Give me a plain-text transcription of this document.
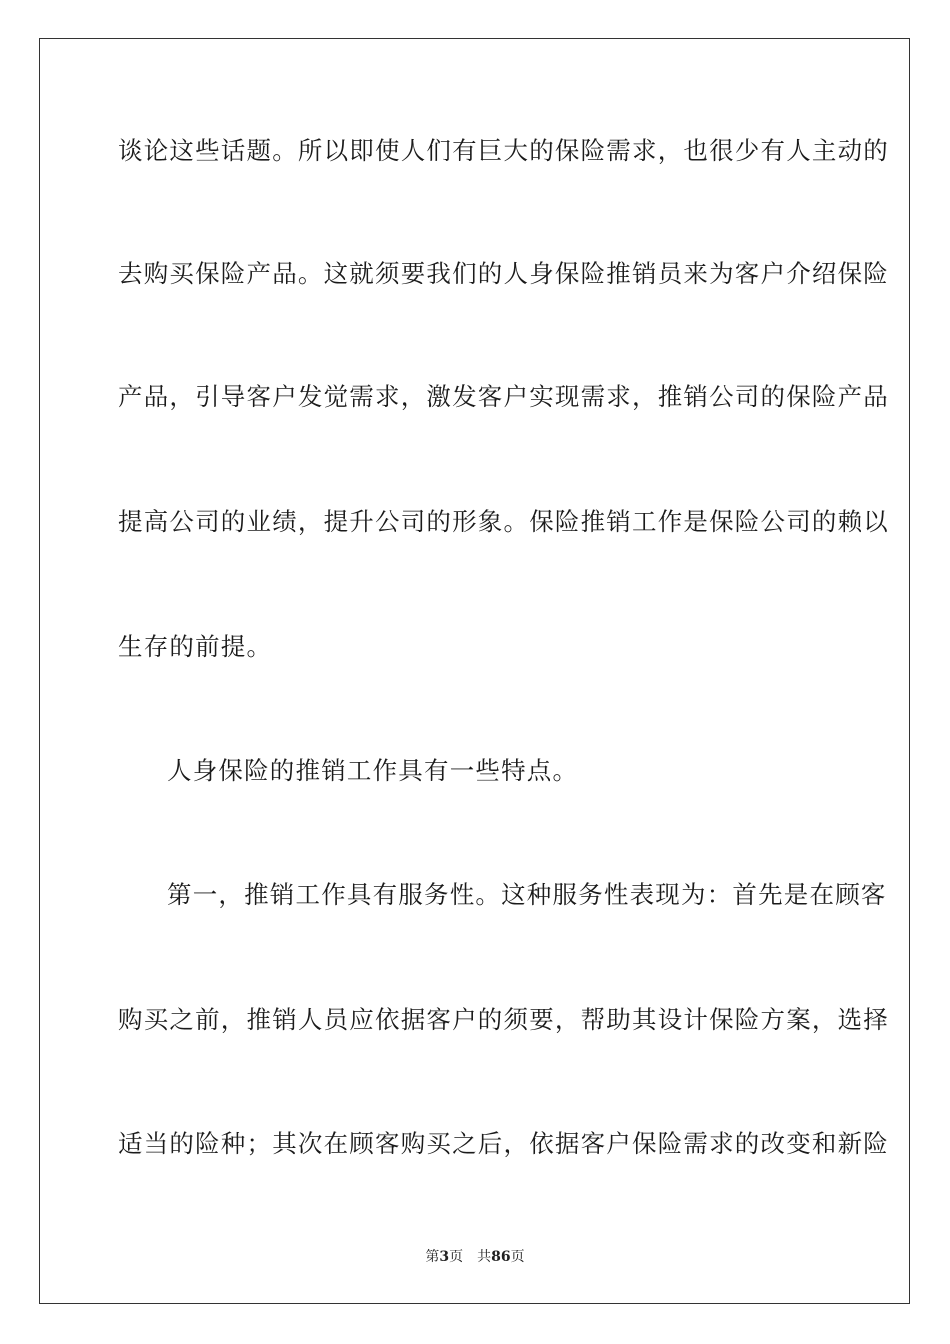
谈论这些话题。所以即使人们有巨大的保险需求，也很少有人主动的
去购买保险产品。这就须要我们的人身保险推销员来为客户介绍保险
产品，引导客户发觉需求，激发客户实现需求，推销公司的保险产品
提高公司的业绩，提升公司的形象。保险推销工作是保险公司的赖以
生存的前提。
人身保险的推销工作具有一些特点。
第一，推销工作具有服务性。这种服务性表现为：首先是在顾客
购买之前，推销人员应依据客户的须要，帮助其设计保险方案，选择
适当的险种；其次在顾客购买之后，依据客户保险需求的改变和新险
第3页 共86页
